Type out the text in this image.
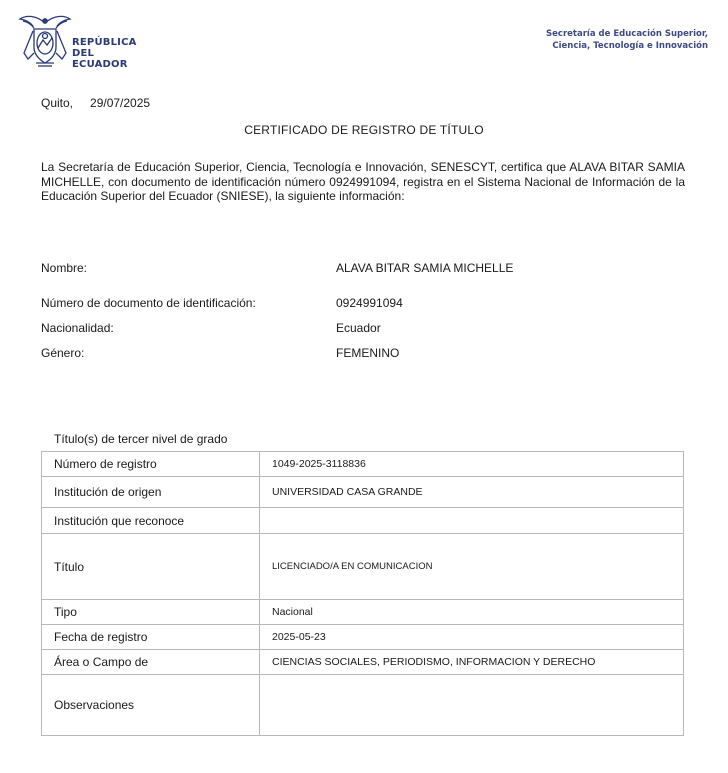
REPÚBLICA
DEL ECUADOR
Secretaría de Educación Superior,
Ciencia, Tecnología e Innovación
Quito, 29/07/2025
CERTIFICADO DE REGISTRO DE TÍTULO
La Secretaría de Educación Superior, Ciencia, Tecnología e Innovación, SENESCYT, certifica que ALAVA BITAR SAMIA MICHELLE, con documento de identificación número 0924991094, registra en el Sistema Nacional de Información de la Educación Superior del Ecuador (SNIESE), la siguiente información:
Nombre:	ALAVA BITAR SAMIA MICHELLE
Número de documento de identificación:	0924991094
Nacionalidad:	Ecuador
Género:	FEMENINO
Título(s) de tercer nivel de grado
Número de registro	1049-2025-3118836
Institución de origen	UNIVERSIDAD CASA GRANDE
Institución que reconoce	
Título	LICENCIADO/A EN COMUNICACION
Tipo	Nacional
Fecha de registro	2025-05-23
Área o Campo de	CIENCIAS SOCIALES, PERIODISMO, INFORMACION Y DERECHO
Observaciones	
